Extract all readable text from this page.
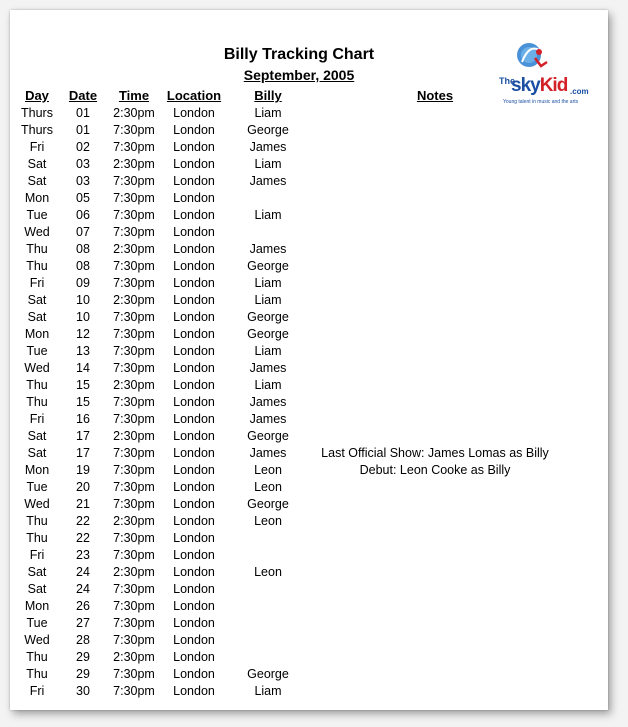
Billy Tracking Chart
September, 2005	The
skyKid .com
Young talent in music and the arts
Day	Date	Time	Location	Billy	Notes
Thurs	01	2:30pm	London	Liam	
Thurs	01	7:30pm	London	George	
Fri	02	7:30pm	London	James	
Sat	03	2:30pm	London	Liam	
Sat	03	7:30pm	London	James	
Mon	05	7:30pm	London		
Tue	06	7:30pm	London	Liam	
Wed	07	7:30pm	London		
Thu	08	2:30pm	London	James	
Thu	08	7:30pm	London	George	
Fri	09	7:30pm	London	Liam	
Sat	10	2:30pm	London	Liam	
Sat	10	7:30pm	London	George	
Mon	12	7:30pm	London	George	
Tue	13	7:30pm	London	Liam	
Wed	14	7:30pm	London	James	
Thu	15	2:30pm	London	Liam	
Thu	15	7:30pm	London	James	
Fri	16	7:30pm	London	James	
Sat	17	2:30pm	London	George	
Sat	17	7:30pm	London	James	Last Official Show: James Lomas as Billy
Mon	19	7:30pm	London	Leon	Debut: Leon Cooke as Billy
Tue	20	7:30pm	London	Leon	
Wed	21	7:30pm	London	George	
Thu	22	2:30pm	London	Leon	
Thu	22	7:30pm	London		
Fri	23	7:30pm	London		
Sat	24	2:30pm	London	Leon	
Sat	24	7:30pm	London		
Mon	26	7:30pm	London		
Tue	27	7:30pm	London		
Wed	28	7:30pm	London		
Thu	29	2:30pm	London		
Thu	29	7:30pm	London	George	
Fri	30	7:30pm	London	Liam	
